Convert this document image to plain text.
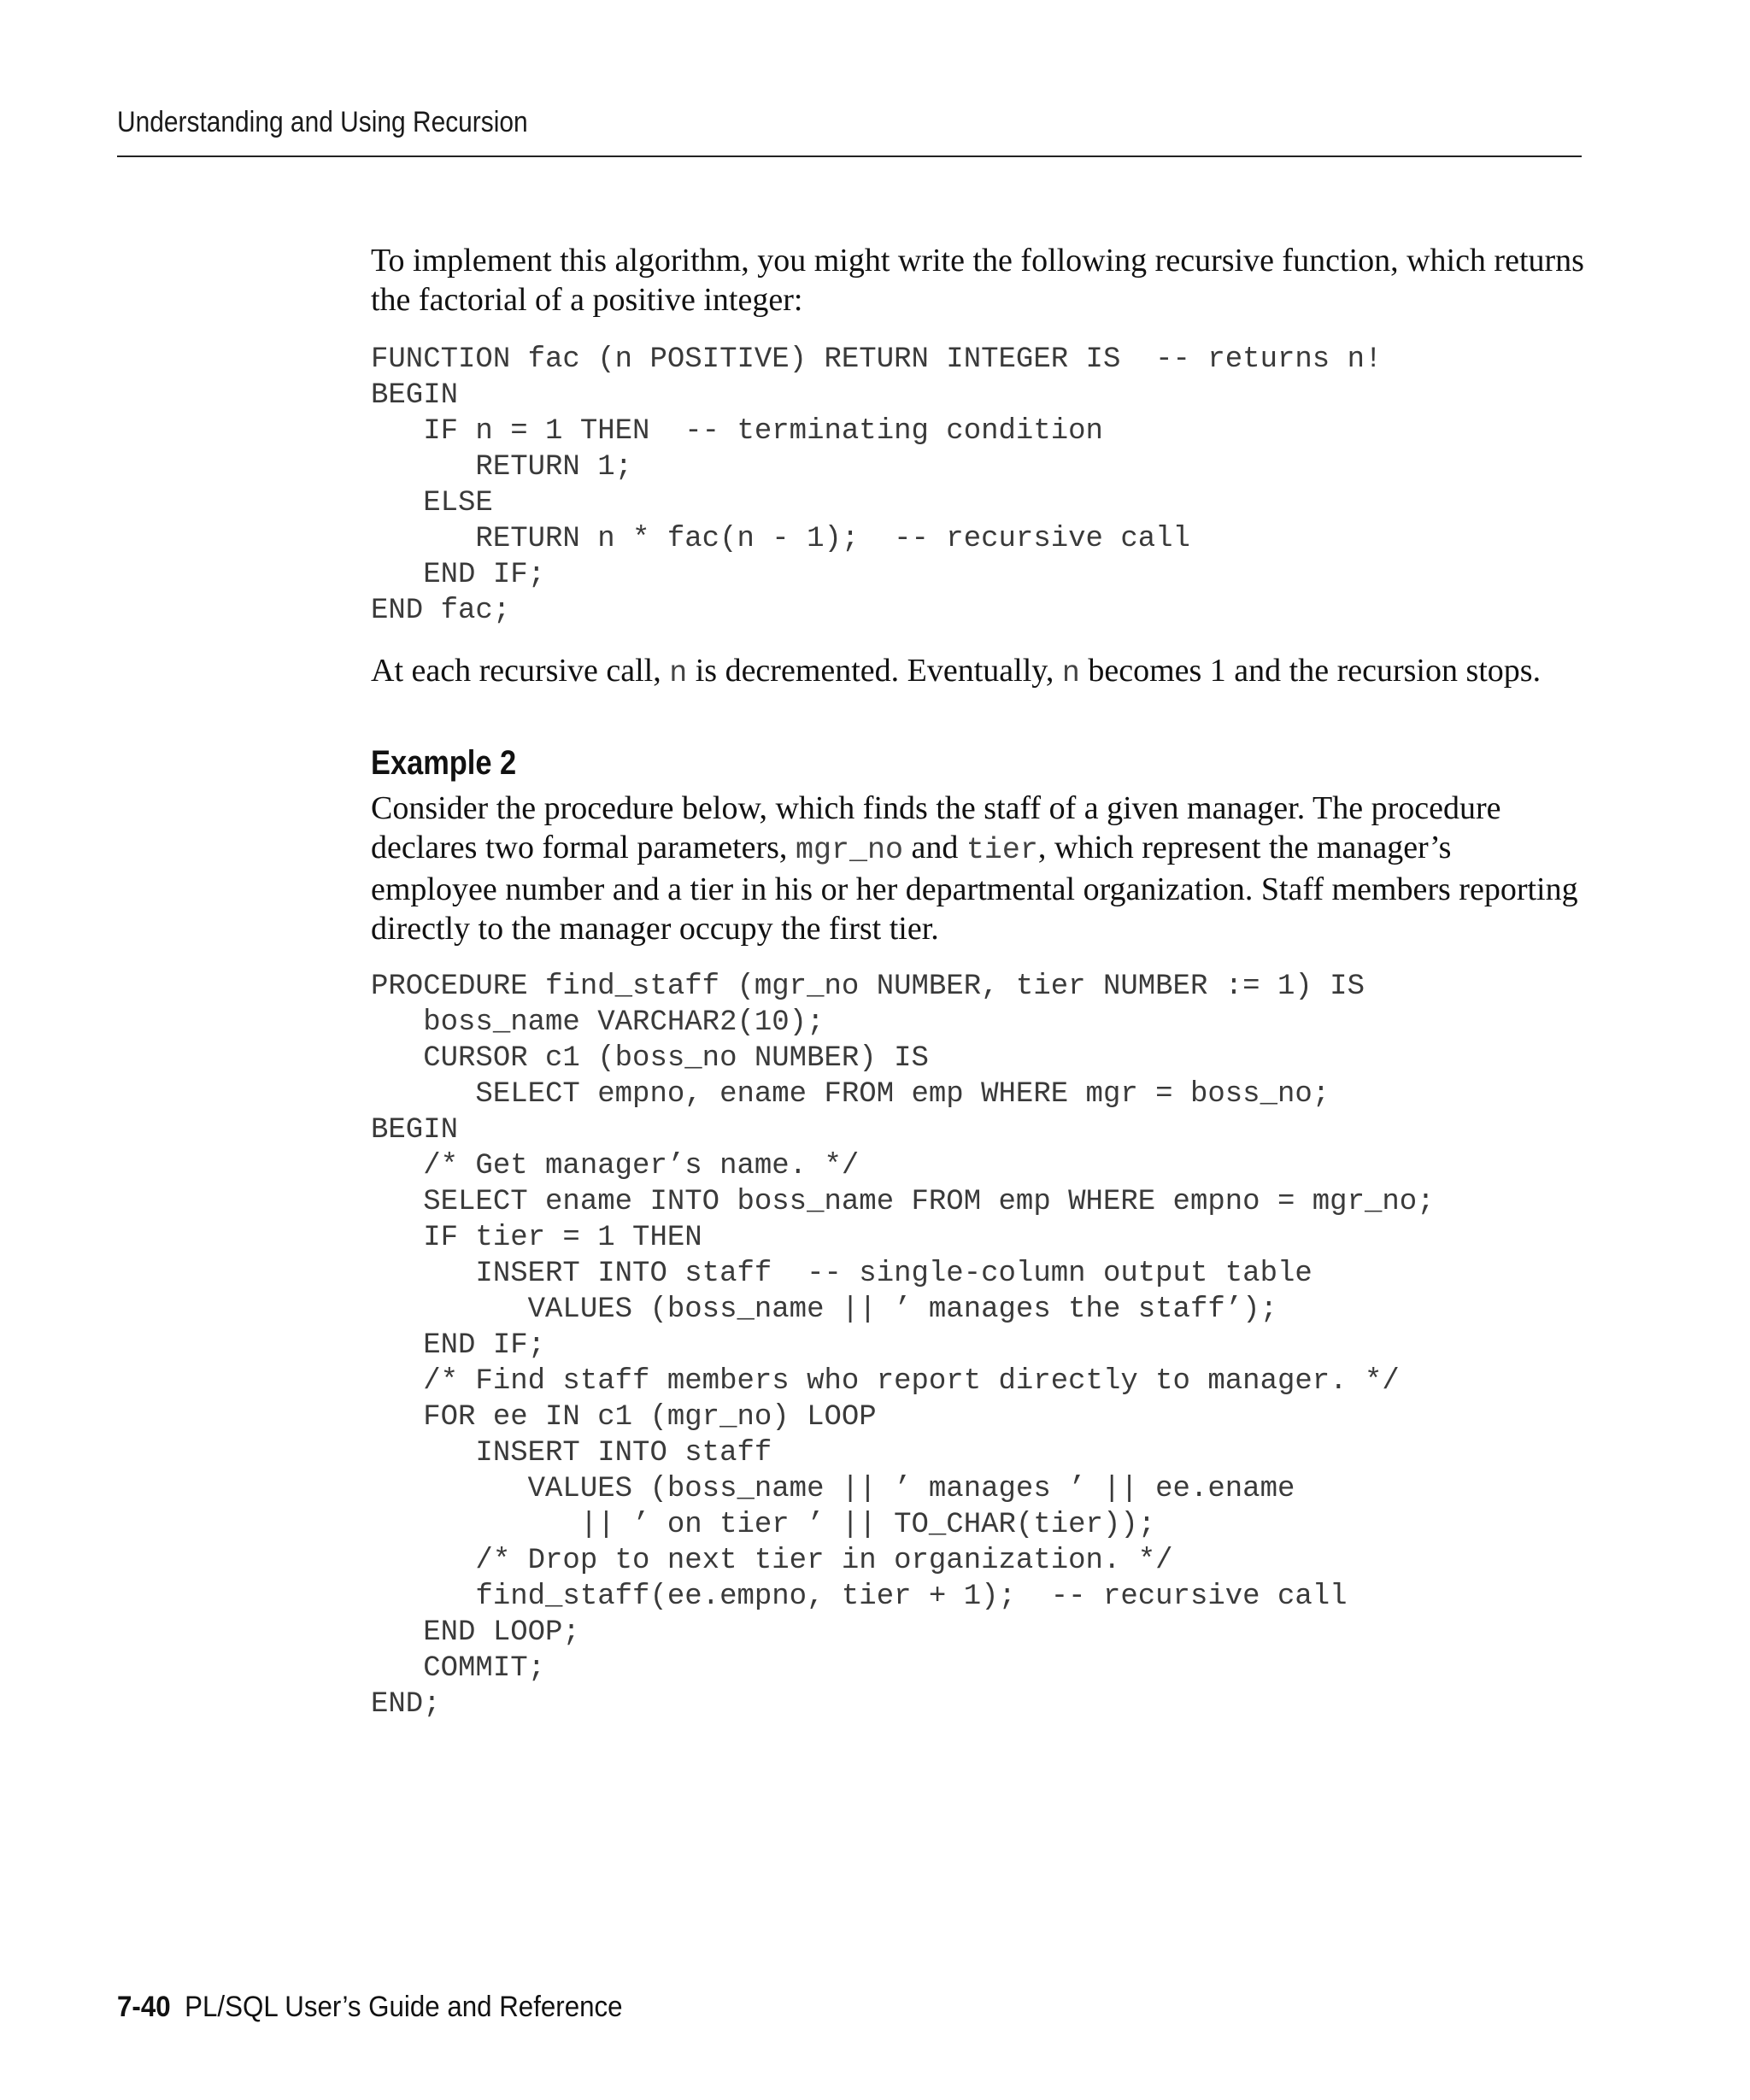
Understanding and Using Recursion

To implement this algorithm, you might write the following recursive function, which returns the factorial of a positive integer:

FUNCTION fac (n POSITIVE) RETURN INTEGER IS  -- returns n!
BEGIN
IF n = 1 THEN  -- terminating condition
RETURN 1;
ELSE
RETURN n * fac(n - 1);  -- recursive call
END IF;
END fac;

At each recursive call, n is decremented. Eventually, n becomes 1 and the recursion stops.

Example 2

Consider the procedure below, which finds the staff of a given manager. The procedure declares two formal parameters, mgr_no and tier, which represent the manager’s employee number and a tier in his or her departmental organization. Staff members reporting directly to the manager occupy the first tier.

PROCEDURE find_staff (mgr_no NUMBER, tier NUMBER := 1) IS
boss_name VARCHAR2(10);
CURSOR c1 (boss_no NUMBER) IS
SELECT empno, ename FROM emp WHERE mgr = boss_no;
BEGIN
/* Get manager’s name. */
SELECT ename INTO boss_name FROM emp WHERE empno = mgr_no;
IF tier = 1 THEN
INSERT INTO staff  -- single-column output table
VALUES (boss_name || ’ manages the staff’);
END IF;
/* Find staff members who report directly to manager. */
FOR ee IN c1 (mgr_no) LOOP
INSERT INTO staff
VALUES (boss_name || ’ manages ’ || ee.ename
|| ’ on tier ’ || TO_CHAR(tier));
/* Drop to next tier in organization. */
find_staff(ee.empno, tier + 1);  -- recursive call
END LOOP;
COMMIT;
END;
7-40 PL/SQL User’s Guide and Reference
